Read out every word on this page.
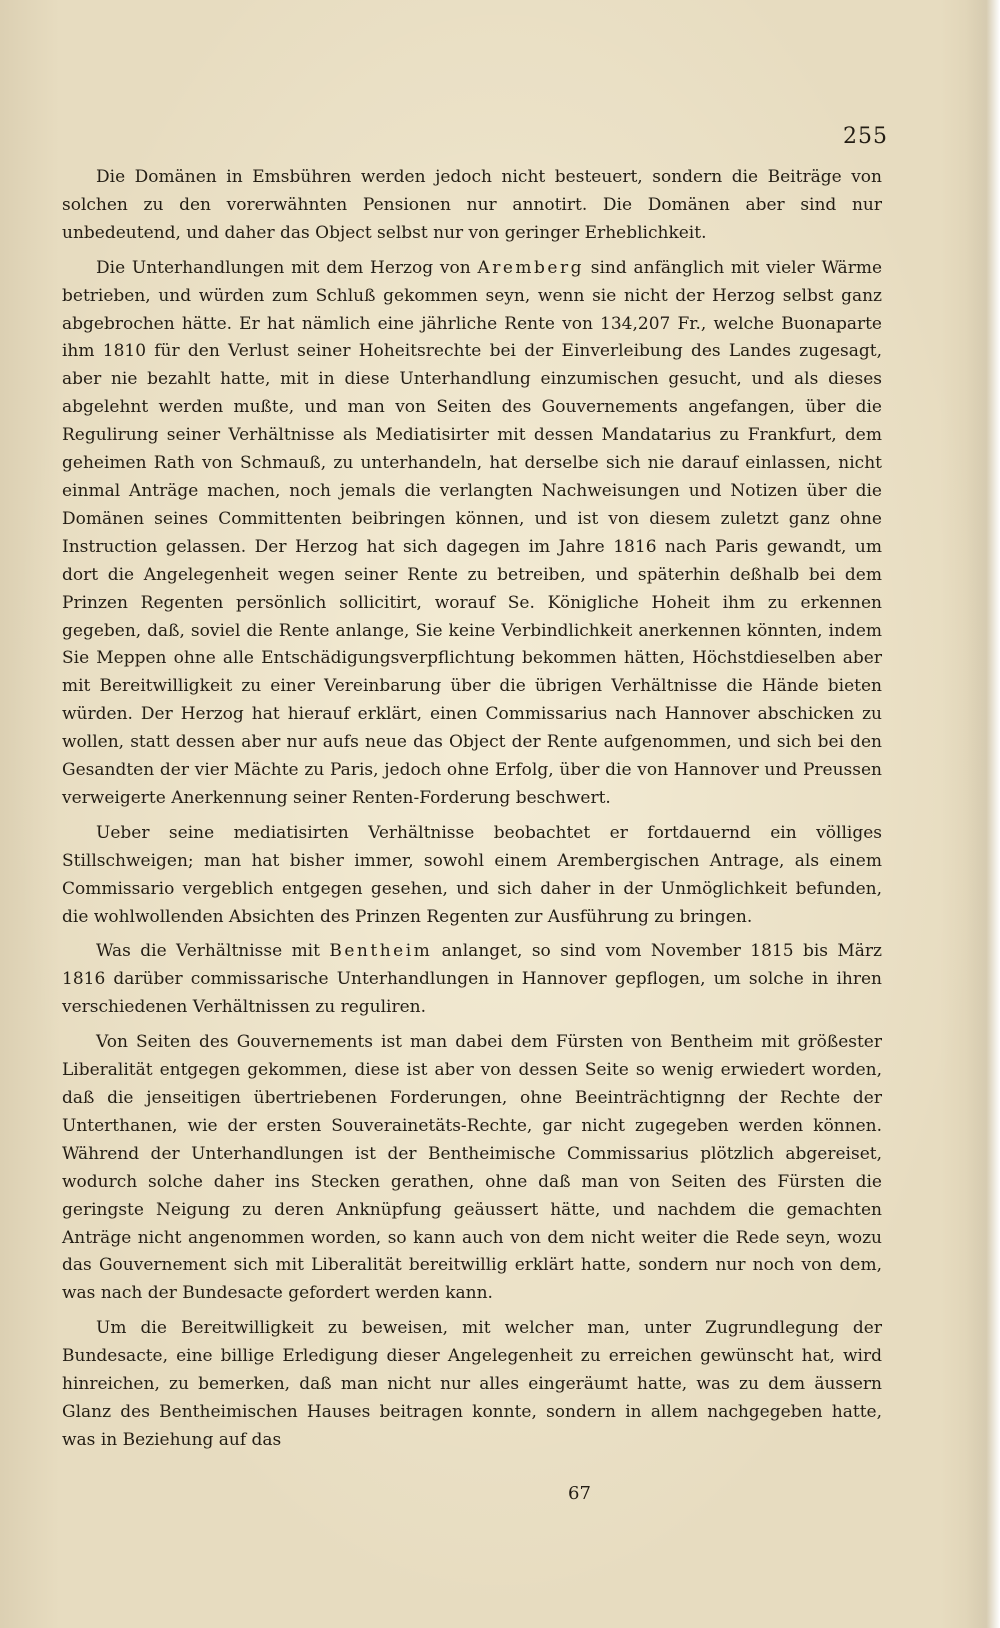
255

Die Domänen in Emsbühren werden jedoch nicht besteuert, sondern die Beiträge von solchen zu den vorerwähnten Pensionen nur annotirt. Die Domänen aber sind nur unbedeutend, und daher das Object selbst nur von geringer Erheblichkeit.

Die Unterhandlungen mit dem Herzog von Aremberg sind anfänglich mit vieler Wärme betrieben, und würden zum Schluß gekommen seyn, wenn sie nicht der Herzog selbst ganz abgebrochen hätte. Er hat nämlich eine jährliche Rente von 134,207 Fr., welche Buonaparte ihm 1810 für den Verlust seiner Hoheitsrechte bei der Einverleibung des Landes zugesagt, aber nie bezahlt hatte, mit in diese Unterhandlung einzumischen gesucht, und als dieses abgelehnt werden mußte, und man von Seiten des Gouvernements angefangen, über die Regulirung seiner Verhältnisse als Mediatisirter mit dessen Mandatarius zu Frankfurt, dem geheimen Rath von Schmauß, zu unterhandeln, hat derselbe sich nie darauf einlassen, nicht einmal Anträge machen, noch jemals die verlangten Nachweisungen und Notizen über die Domänen seines Committenten beibringen können, und ist von diesem zuletzt ganz ohne Instruction gelassen. Der Herzog hat sich dagegen im Jahre 1816 nach Paris gewandt, um dort die Angelegenheit wegen seiner Rente zu betreiben, und späterhin deßhalb bei dem Prinzen Regenten persönlich sollicitirt, worauf Se. Königliche Hoheit ihm zu erkennen gegeben, daß, soviel die Rente anlange, Sie keine Verbindlichkeit anerkennen könnten, indem Sie Meppen ohne alle Entschädigungsverpflichtung bekommen hätten, Höchstdieselben aber mit Bereitwilligkeit zu einer Vereinbarung über die übrigen Verhältnisse die Hände bieten würden. Der Herzog hat hierauf erklärt, einen Commissarius nach Hannover abschicken zu wollen, statt dessen aber nur aufs neue das Object der Rente aufgenommen, und sich bei den Gesandten der vier Mächte zu Paris, jedoch ohne Erfolg, über die von Hannover und Preussen verweigerte Anerkennung seiner Renten-Forderung beschwert.

Ueber seine mediatisirten Verhältnisse beobachtet er fortdauernd ein völliges Stillschweigen; man hat bisher immer, sowohl einem Arembergischen Antrage, als einem Commissario vergeblich entgegen gesehen, und sich daher in der Unmöglichkeit befunden, die wohlwollenden Absichten des Prinzen Regenten zur Ausführung zu bringen.

Was die Verhältnisse mit Bentheim anlanget, so sind vom November 1815 bis März 1816 darüber commissarische Unterhandlungen in Hannover gepflogen, um solche in ihren verschiedenen Verhältnissen zu reguliren.

Von Seiten des Gouvernements ist man dabei dem Fürsten von Bentheim mit größester Liberalität entgegen gekommen, diese ist aber von dessen Seite so wenig erwiedert worden, daß die jenseitigen übertriebenen Forderungen, ohne Beeinträchtignng der Rechte der Unterthanen, wie der ersten Souverainetäts-Rechte, gar nicht zugegeben werden können. Während der Unterhandlungen ist der Bentheimische Commissarius plötzlich abgereiset, wodurch solche daher ins Stecken gerathen, ohne daß man von Seiten des Fürsten die geringste Neigung zu deren Anknüpfung geäussert hätte, und nachdem die gemachten Anträge nicht angenommen worden, so kann auch von dem nicht weiter die Rede seyn, wozu das Gouvernement sich mit Liberalität bereitwillig erklärt hatte, sondern nur noch von dem, was nach der Bundesacte gefordert werden kann.

Um die Bereitwilligkeit zu beweisen, mit welcher man, unter Zugrundlegung der Bundesacte, eine billige Erledigung dieser Angelegenheit zu erreichen gewünscht hat, wird hinreichen, zu bemerken, daß man nicht nur alles eingeräumt hatte, was zu dem äussern Glanz des Bentheimischen Hauses beitragen konnte, sondern in allem nachgegeben hatte, was in Beziehung auf das

67
